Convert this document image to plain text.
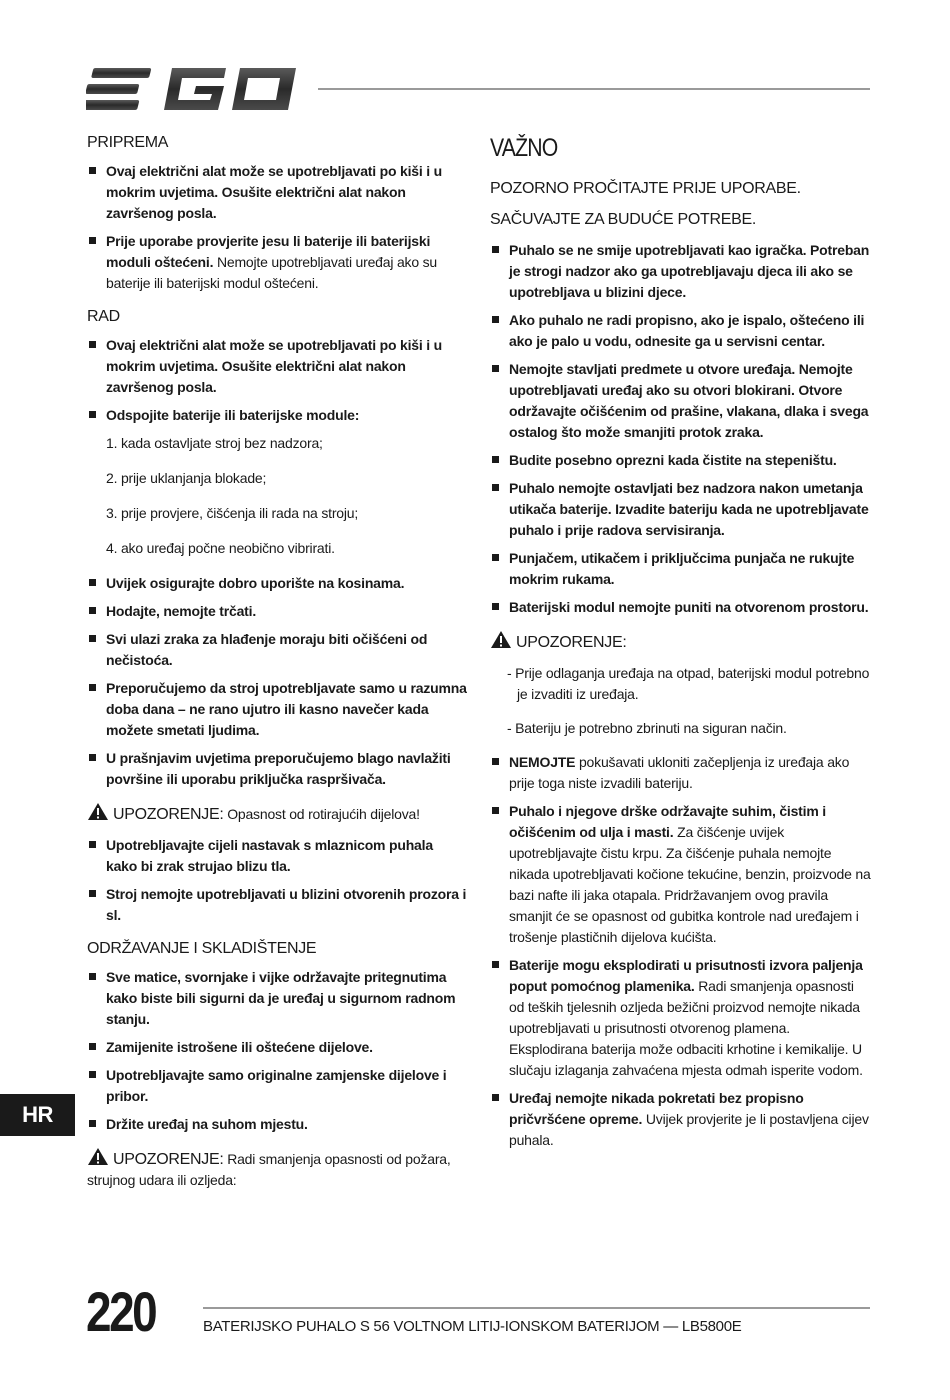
PRIPREMA
Ovaj električni alat može se upotrebljavati po kiši i u mokrim uvjetima. Osušite električni alat nakon završenog posla.
Prije uporabe provjerite jesu li baterije ili baterijski moduli oštećeni. Nemojte upotrebljavati uređaj ako su baterije ili baterijski modul oštećeni.
RAD
Ovaj električni alat može se upotrebljavati po kiši i u mokrim uvjetima. Osušite električni alat nakon završenog posla.
Odspojite baterije ili baterijske module:
1. kada ostavljate stroj bez nadzora;
2. prije uklanjanja blokade;
3. prije provjere, čišćenja ili rada na stroju;
4. ako uređaj počne neobično vibrirati.
Uvijek osigurajte dobro uporište na kosinama.
Hodajte, nemojte trčati.
Svi ulazi zraka za hlađenje moraju biti očišćeni od nečistoća.
Preporučujemo da stroj upotrebljavate samo u razumna doba dana – ne rano ujutro ili kasno navečer kada možete smetati ljudima.
U prašnjavim uvjetima preporučujemo blago navlažiti površine ili uporabu priključka raspršivača.
UPOZORENJE: Opasnost od rotirajućih dijelova!
Upotrebljavajte cijeli nastavak s mlaznicom puhala kako bi zrak strujao blizu tla.
Stroj nemojte upotrebljavati u blizini otvorenih prozora i sl.
ODRŽAVANJE I SKLADIŠTENJE
Sve matice, svornjake i vijke održavajte pritegnutima kako biste bili sigurni da je uređaj u sigurnom radnom stanju.
Zamijenite istrošene ili oštećene dijelove.
Upotrebljavajte samo originalne zamjenske dijelove i pribor.
Držite uređaj na suhom mjestu.
UPOZORENJE: Radi smanjenja opasnosti od požara, strujnog udara ili ozljeda:
VAŽNO
POZORNO PROČITAJTE PRIJE UPORABE.
SAČUVAJTE ZA BUDUĆE POTREBE.
Puhalo se ne smije upotrebljavati kao igračka. Potreban je strogi nadzor ako ga upotrebljavaju djeca ili ako se upotrebljava u blizini djece.
Ako puhalo ne radi propisno, ako je ispalo, oštećeno ili ako je palo u vodu, odnesite ga u servisni centar.
Nemojte stavljati predmete u otvore uređaja. Nemojte upotrebljavati uređaj ako su otvori blokirani. Otvore održavajte očišćenim od prašine, vlakana, dlaka i svega ostalog što može smanjiti protok zraka.
Budite posebno oprezni kada čistite na stepeništu.
Puhalo nemojte ostavljati bez nadzora nakon umetanja utikača baterije. Izvadite bateriju kada ne upotrebljavate puhalo i prije radova servisiranja.
Punjačem, utikačem i priključcima punjača ne rukujte mokrim rukama.
Baterijski modul nemojte puniti na otvorenom prostoru.
UPOZORENJE:
- Prije odlaganja uređaja na otpad, baterijski modul potrebno je izvaditi iz uređaja.
- Bateriju je potrebno zbrinuti na siguran način.
NEMOJTE pokušavati ukloniti začepljenja iz uređaja ako prije toga niste izvadili bateriju.
Puhalo i njegove drške održavajte suhim, čistim i očišćenim od ulja i masti. Za čišćenje uvijek upotrebljavajte čistu krpu. Za čišćenje puhala nemojte nikada upotrebljavati kočione tekućine, benzin, proizvode na bazi nafte ili jaka otapala. Pridržavanjem ovog pravila smanjit će se opasnost od gubitka kontrole nad uređajem i trošenje plastičnih dijelova kućišta.
Baterije mogu eksplodirati u prisutnosti izvora paljenja poput pomoćnog plamenika. Radi smanjenja opasnosti od teških tjelesnih ozljeda bežični proizvod nemojte nikada upotrebljavati u prisutnosti otvorenog plamena. Eksplodirana baterija može odbaciti krhotine i kemikalije. U slučaju izlaganja zahvaćena mjesta odmah isperite vodom.
Uređaj nemojte nikada pokretati bez propisno pričvršćene opreme. Uvijek provjerite je li postavljena cijev puhala.
HR
220	BATERIJSKO PUHALO S 56 VOLTNOM LITIJ-IONSKOM BATERIJOM — LB5800E
